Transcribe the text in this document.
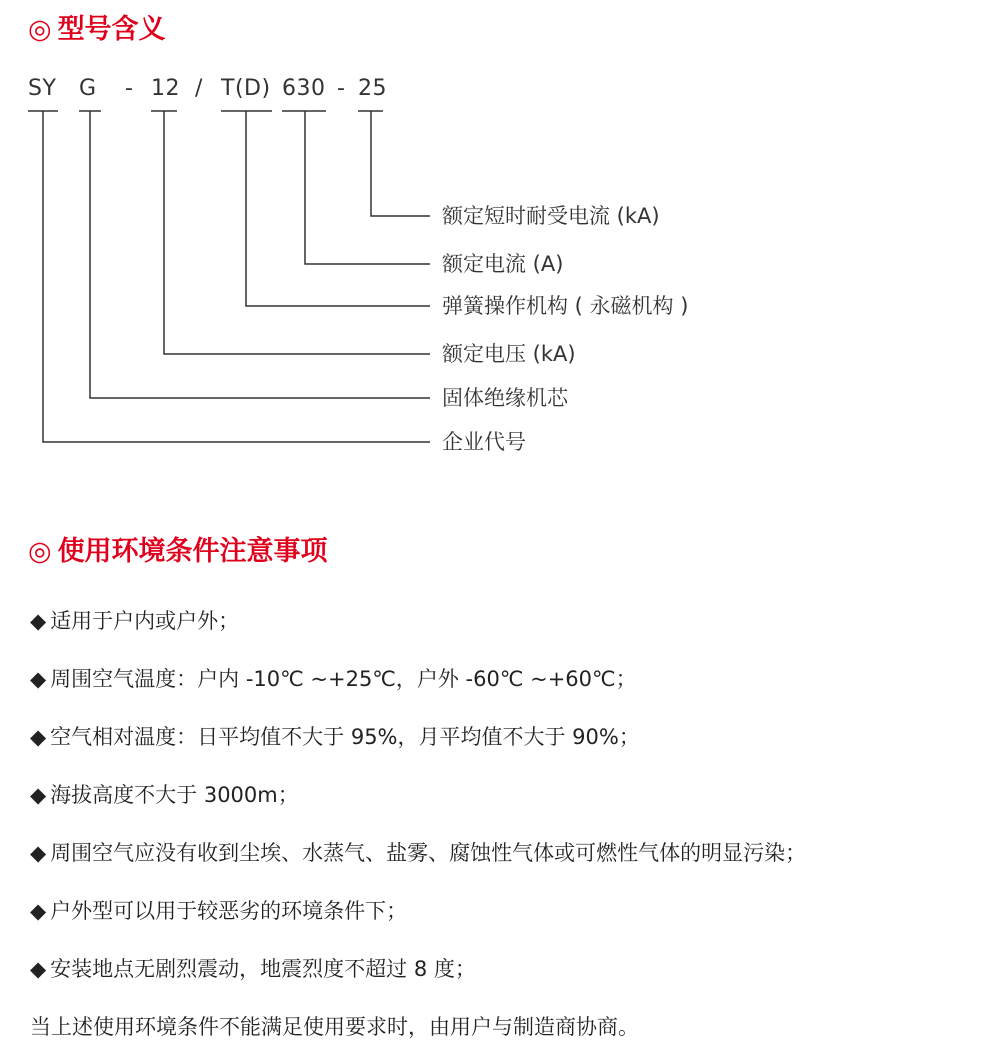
◎ 型号含义
SY G - 12 / T(D) 630 - 25
额定短时耐受电流 (kA)
额定电流 (A)
弹簧操作机构 ( 永磁机构 )
额定电压 (kA)
固体绝缘机芯
企业代号
◎ 使用环境条件注意事项
◆ 适用于户内或户外；
◆ 周围空气温度：户内 -10℃ ~+25℃，户外 -60℃ ~+60℃；
◆ 空气相对温度：日平均值不大于 95%，月平均值不大于 90%；
◆ 海拔高度不大于 3000m；
◆ 周围空气应没有收到尘埃、水蒸气、盐雾、腐蚀性气体或可燃性气体的明显污染；
◆ 户外型可以用于较恶劣的环境条件下；
◆ 安装地点无剧烈震动，地震烈度不超过 8 度；
当上述使用环境条件不能满足使用要求时，由用户与制造商协商。
